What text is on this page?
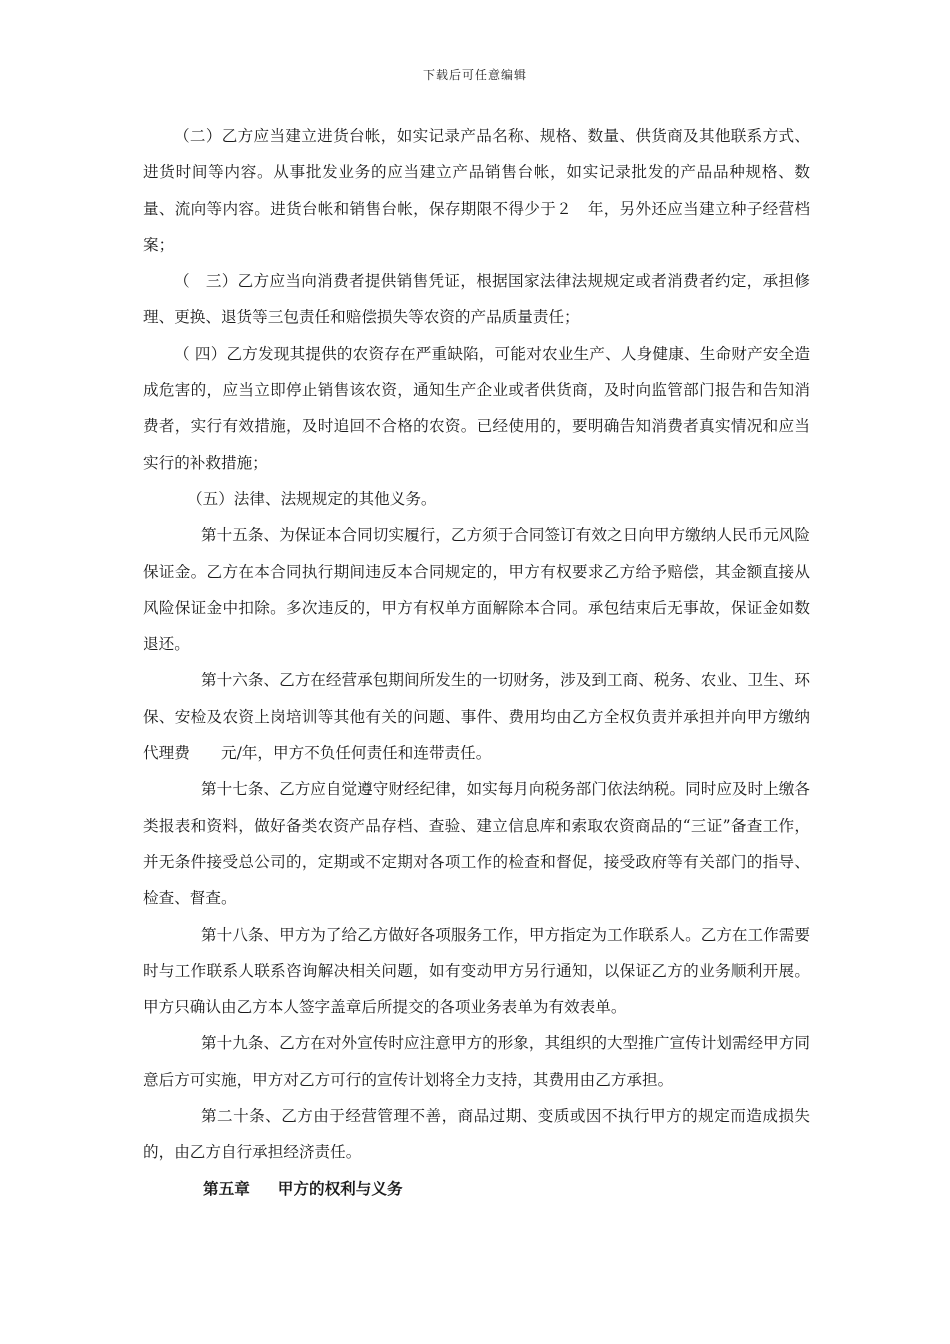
下载后可任意编辑

（二）乙方应当建立进货台帐，如实记录产品名称、规格、数量、供货商及其他联系方式、进货时间等内容。从事批发业务的应当建立产品销售台帐，如实记录批发的产品品种规格、数量、流向等内容。进货台帐和销售台帐，保存期限不得少于２　年，另外还应当建立种子经营档案；

（　三）乙方应当向消费者提供销售凭证，根据国家法律法规规定或者消费者约定，承担修理、更换、退货等三包责任和赔偿损失等农资的产品质量责任；

（ 四）乙方发现其提供的农资存在严重缺陷，可能对农业生产、人身健康、生命财产安全造成危害的，应当立即停止销售该农资，通知生产企业或者供货商，及时向监管部门报告和告知消费者，实行有效措施，及时追回不合格的农资。已经使用的，要明确告知消费者真实情况和应当实行的补救措施；

（五）法律、法规规定的其他义务。

第十五条、为保证本合同切实履行，乙方须于合同签订有效之日向甲方缴纳人民币元风险保证金。乙方在本合同执行期间违反本合同规定的，甲方有权要求乙方给予赔偿，其金额直接从风险保证金中扣除。多次违反的，甲方有权单方面解除本合同。承包结束后无事故，保证金如数退还。

第十六条、乙方在经营承包期间所发生的一切财务，涉及到工商、税务、农业、卫生、环保、安检及农资上岗培训等其他有关的问题、事件、费用均由乙方全权负责并承担并向甲方缴纳代理费　　元/年，甲方不负任何责任和连带责任。

第十七条、乙方应自觉遵守财经纪律，如实每月向税务部门依法纳税。同时应及时上缴各类报表和资料，做好备类农资产品存档、查验、建立信息库和索取农资商品的“三证”备查工作，并无条件接受总公司的，定期或不定期对各项工作的检查和督促，接受政府等有关部门的指导、检查、督查。

第十八条、甲方为了给乙方做好各项服务工作，甲方指定为工作联系人。乙方在工作需要时与工作联系人联系咨询解决相关问题，如有变动甲方另行通知，以保证乙方的业务顺利开展。甲方只确认由乙方本人签字盖章后所提交的各项业务表单为有效表单。

第十九条、乙方在对外宣传时应注意甲方的形象，其组织的大型推广宣传计划需经甲方同意后方可实施，甲方对乙方可行的宣传计划将全力支持，其费用由乙方承担。

第二十条、乙方由于经营管理不善，商品过期、变质或因不执行甲方的规定而造成损失的，由乙方自行承担经济责任。

第五章 甲方的权利与义务
